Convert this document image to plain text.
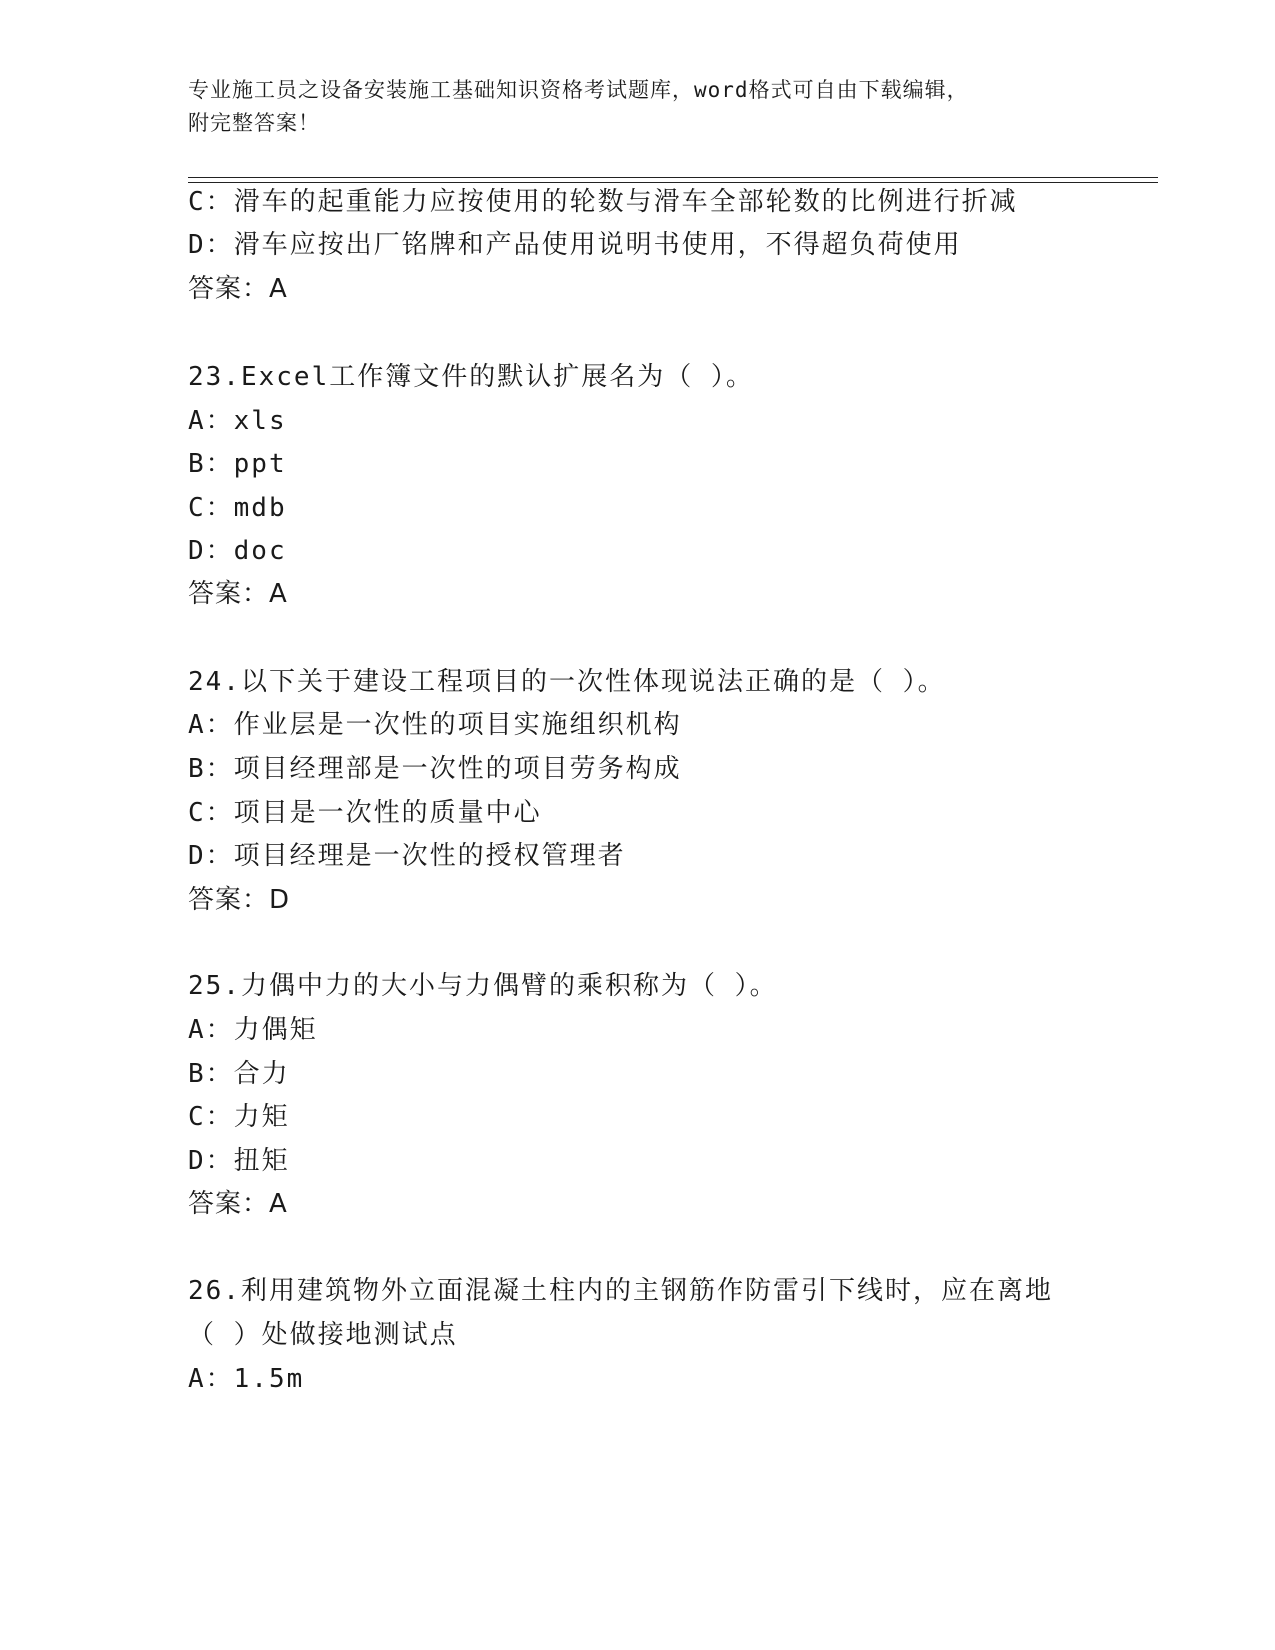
专业施工员之设备安装施工基础知识资格考试题库，word格式可自由下载编辑，
附完整答案！
C：滑车的起重能力应按使用的轮数与滑车全部轮数的比例进行折减
D：滑车应按出厂铭牌和产品使用说明书使用，不得超负荷使用
答案：A
23.Excel工作簿文件的默认扩展名为（ ）。
A：xls
B：ppt
C：mdb
D：doc
答案：A
24.以下关于建设工程项目的一次性体现说法正确的是（ ）。
A：作业层是一次性的项目实施组织机构
B：项目经理部是一次性的项目劳务构成
C：项目是一次性的质量中心
D：项目经理是一次性的授权管理者
答案：D
25.力偶中力的大小与力偶臂的乘积称为（ ）。
A：力偶矩
B：合力
C：力矩
D：扭矩
答案：A
26.利用建筑物外立面混凝土柱内的主钢筋作防雷引下线时，应在离地
（ ）处做接地测试点
A：1.5m
